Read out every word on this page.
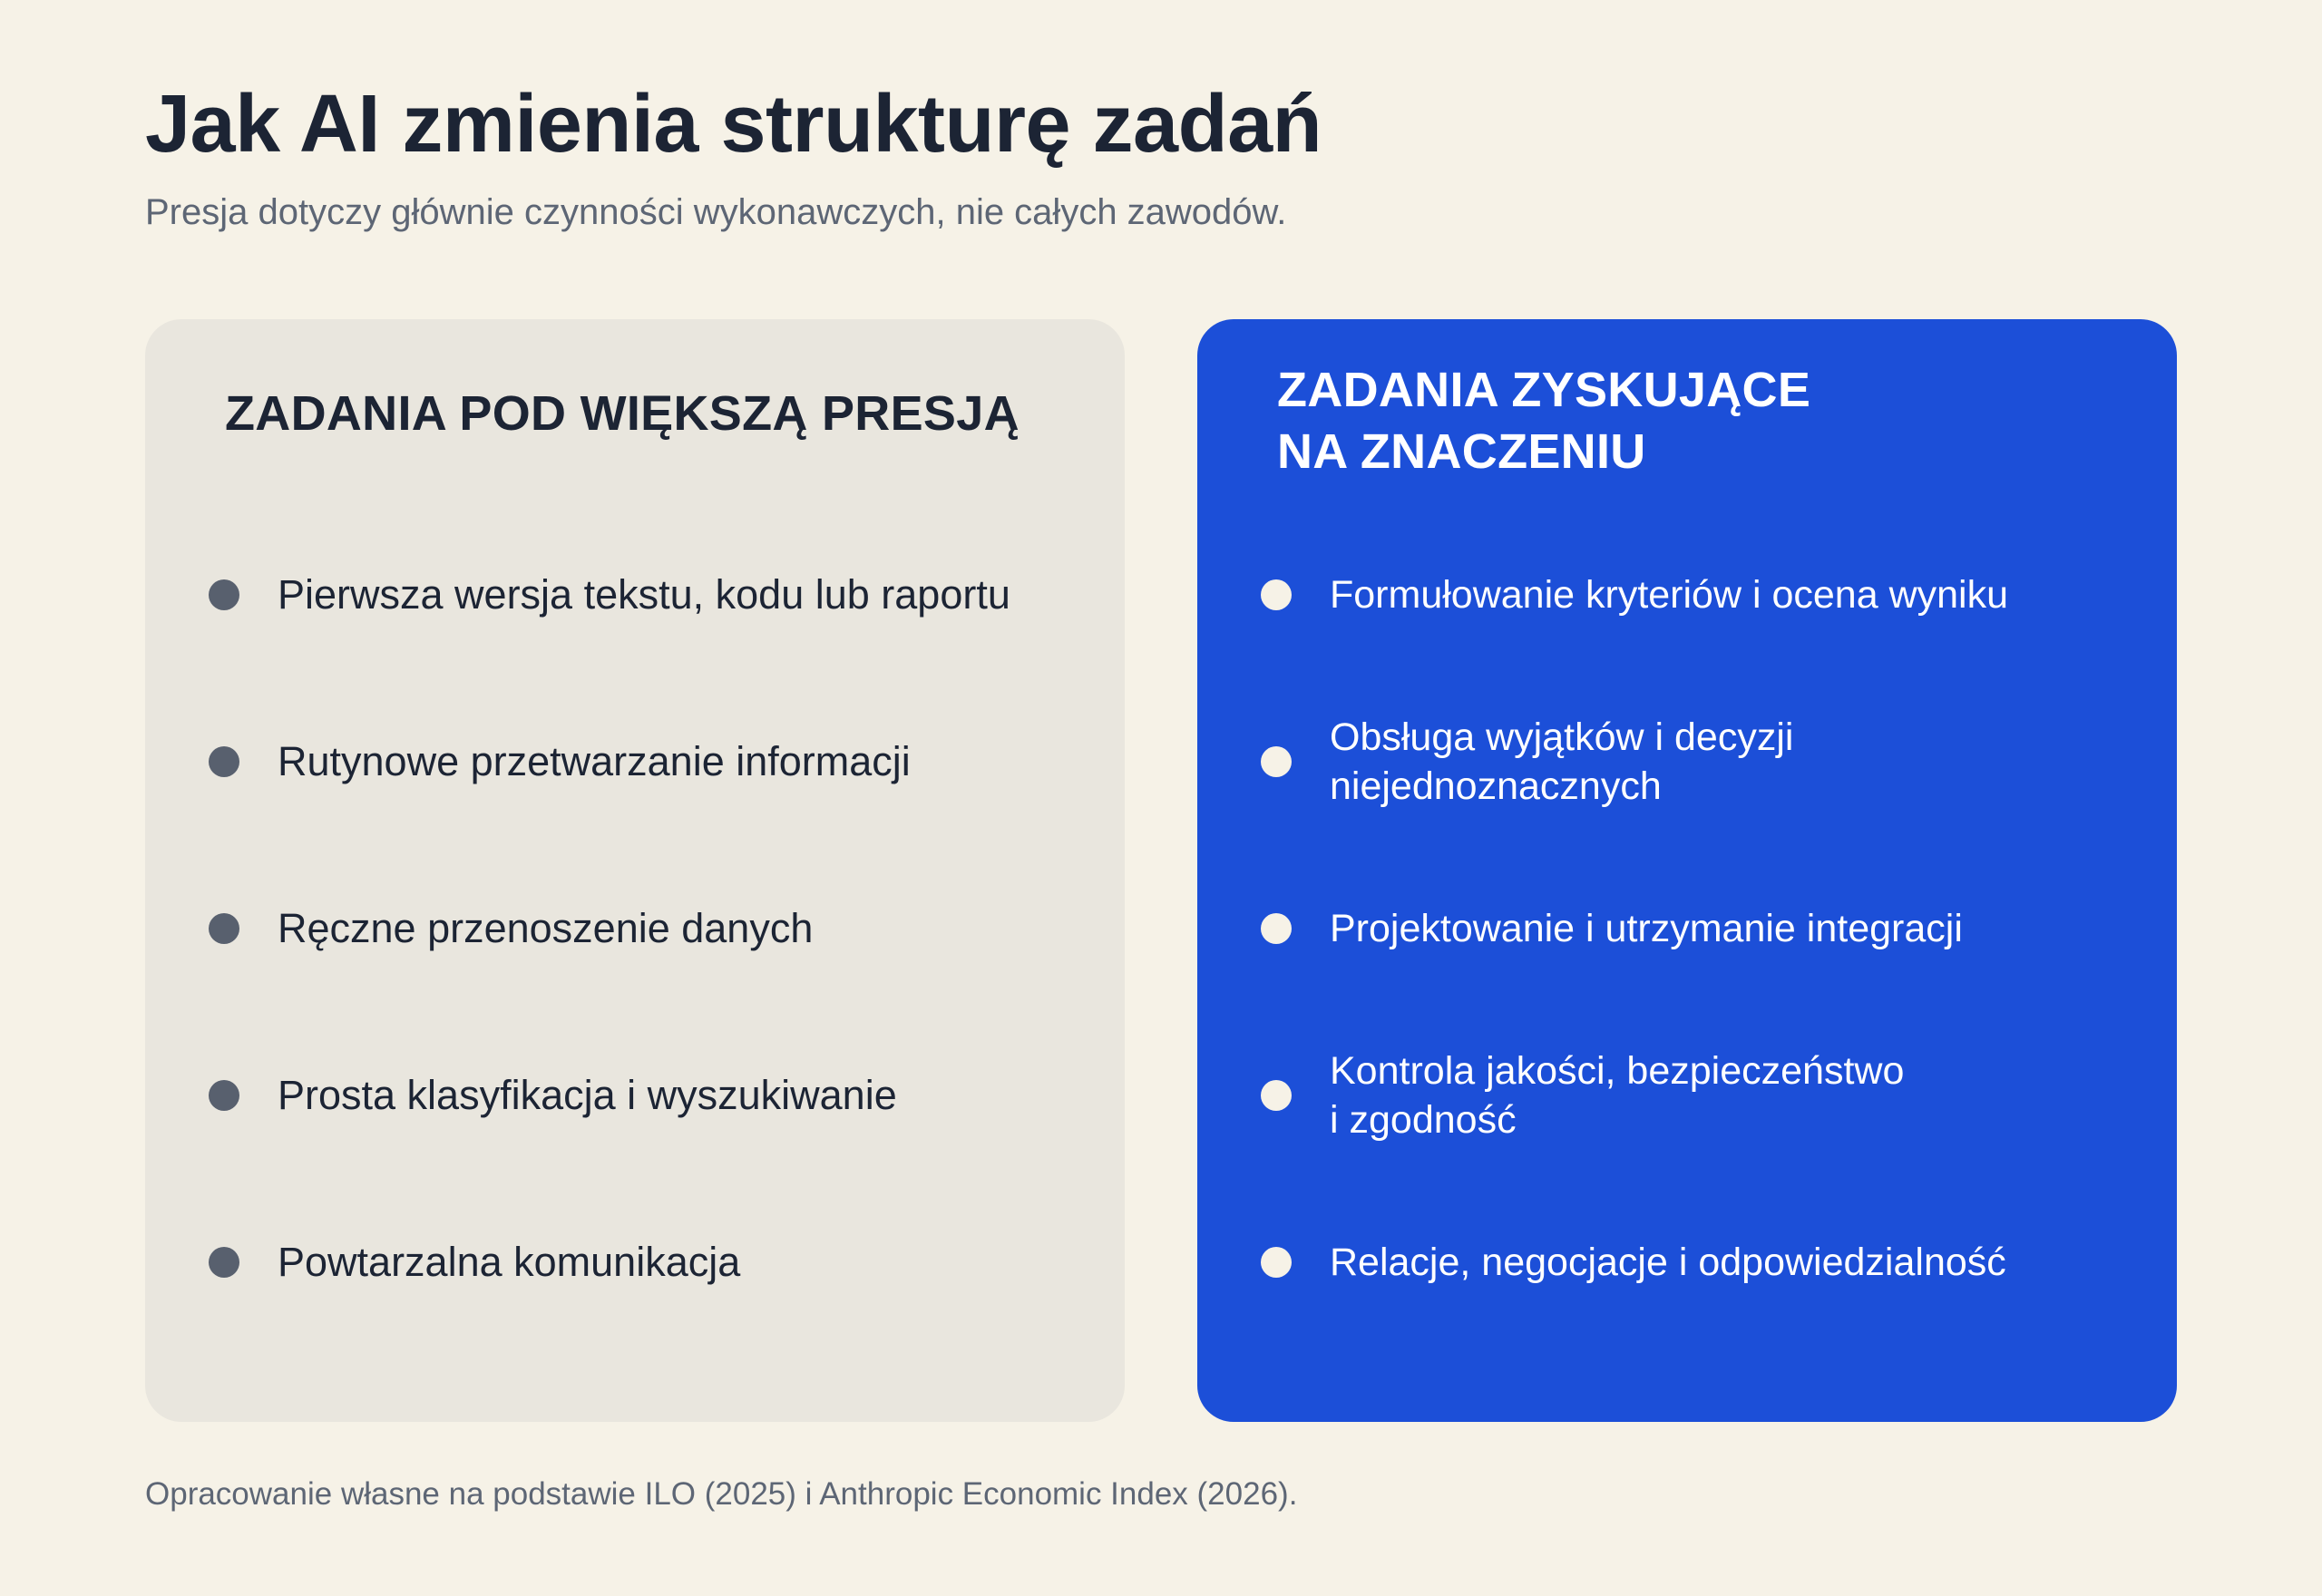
Jak AI zmienia strukturę zadań
Presja dotyczy głównie czynności wykonawczych, nie całych zawodów.
ZADANIA POD WIĘKSZĄ PRESJĄ
Pierwsza wersja tekstu, kodu lub raportu
Rutynowe przetwarzanie informacji
Ręczne przenoszenie danych
Prosta klasyfikacja i wyszukiwanie
Powtarzalna komunikacja
ZADANIA ZYSKUJĄCE
NA ZNACZENIU
Formułowanie kryteriów i ocena wyniku
Obsługa wyjątków i decyzji
niejednoznacznych
Projektowanie i utrzymanie integracji
Kontrola jakości, bezpieczeństwo
i zgodność
Relacje, negocjacje i odpowiedzialność
Opracowanie własne na podstawie ILO (2025) i Anthropic Economic Index (2026).
